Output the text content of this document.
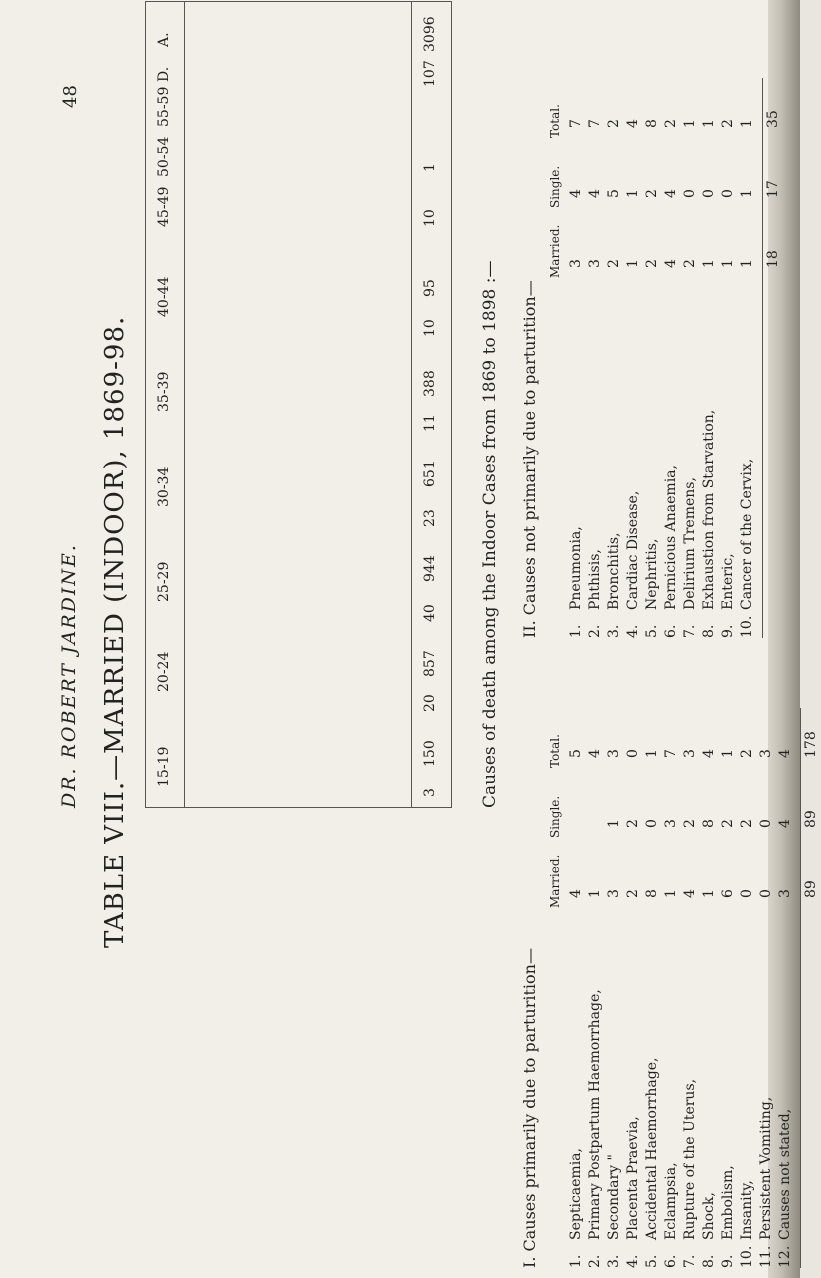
48
DR. ROBERT JARDINE. TABLE VIII.—MARRIED (INDOOR), 1869-98. 15-19
20-24
25-29
30-34
35-39
40-44
45-49
50-54
55-59
D.
A.
3
150
20
857
40
944
23
651
11
388
10
95
10
1
107
3096
Causes of death among the Indoor Cases from 1869 to 1898 :—
I. Causes primarily due to parturition—
II. Causes not primarily due to parturition—
Married.
Single.
Total.
1.
Septicaemia,
4
5
2.
Primary Postpartum Haemorrhage,
1
4
3.
Secondary "
3
1
3
4.
Placenta Praevia,
2
2
0
5.
Accidental Haemorrhage,
8
0
1
6.
Eclampsia,
1
3
7
7.
Rupture of the Uterus,
4
2
3
8.
Shock,
1
8
4
9.
Embolism,
6
2
1
10.
Insanity,
0
2
2
11.
Persistent Vomiting,
0
0
3
12.
Causes not stated,
3
4
4
89
89
178
Married.
Single.
Total.
1.
Pneumonia,
3
4
7
2.
Phthisis,
3
4
7
3.
Bronchitis,
2
5
2
4.
Cardiac Disease,
1
1
4
5.
Nephritis,
2
2
8
6.
Pernicious Anaemia,
4
4
2
7.
Delirium Tremens,
2
0
1
8.
Exhaustion from Starvation,
1
0
1
9.
Enteric,
1
0
2
10.
Cancer of the Cervix,
1
1
1
18
17
35
